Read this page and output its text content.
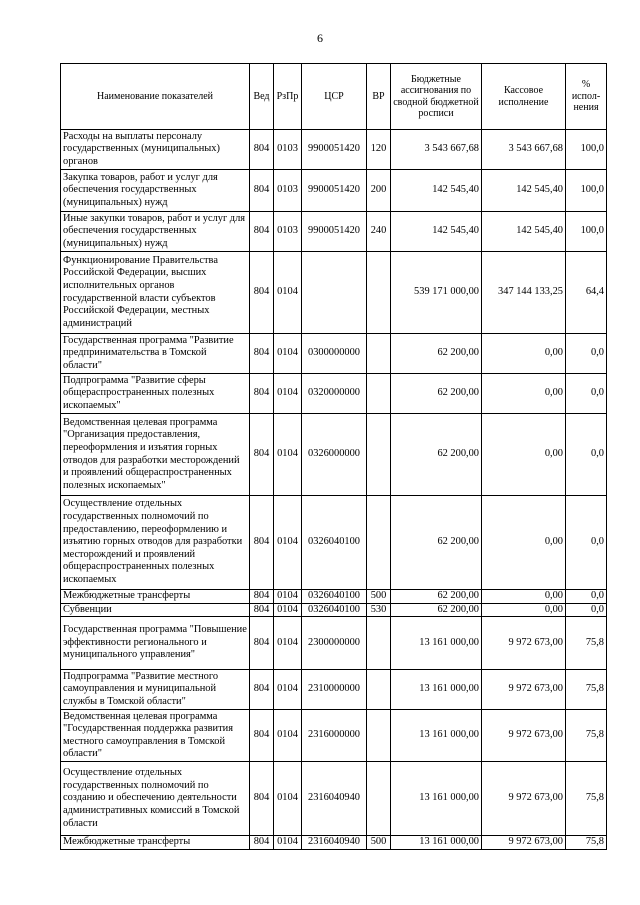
6
Наименование показателей	Вед	РзПр	ЦСР	ВР	Бюджетные ассигнования по сводной бюджетной росписи	Кассовое исполнение	% испол-нения
Расходы на выплаты персоналу государственных (муниципальных) органов	804	0103	9900051420	120	3 543 667,68	3 543 667,68	100,0
Закупка товаров, работ и услуг для обеспечения государственных (муниципальных) нужд	804	0103	9900051420	200	142 545,40	142 545,40	100,0
Иные закупки товаров, работ и услуг для обеспечения государственных (муниципальных) нужд	804	0103	9900051420	240	142 545,40	142 545,40	100,0
Функционирование Правительства Российской Федерации, высших исполнительных органов государственной власти субъектов Российской Федерации, местных администраций	804	0104			539 171 000,00	347 144 133,25	64,4
Государственная программа "Развитие предпринимательства в Томской области"	804	0104	0300000000		62 200,00	0,00	0,0
Подпрограмма "Развитие сферы общераспространенных полезных ископаемых"	804	0104	0320000000		62 200,00	0,00	0,0
Ведомственная целевая программа "Организация предоставления, переоформления и изъятия горных отводов для разработки месторождений и проявлений общераспространенных полезных ископаемых"	804	0104	0326000000		62 200,00	0,00	0,0
Осуществление отдельных государственных полномочий по предоставлению, переоформлению и изъятию горных отводов для разработки месторождений и проявлений общераспространенных полезных ископаемых	804	0104	0326040100		62 200,00	0,00	0,0
Межбюджетные трансферты	804	0104	0326040100	500	62 200,00	0,00	0,0
Субвенции	804	0104	0326040100	530	62 200,00	0,00	0,0
Государственная программа "Повышение эффективности регионального и муниципального управления"	804	0104	2300000000		13 161 000,00	9 972 673,00	75,8
Подпрограмма "Развитие местного самоуправления и муниципальной службы в Томской области"	804	0104	2310000000		13 161 000,00	9 972 673,00	75,8
Ведомственная целевая программа "Государственная поддержка развития местного самоуправления в Томской области"	804	0104	2316000000		13 161 000,00	9 972 673,00	75,8
Осуществление отдельных государственных полномочий по созданию и обеспечению деятельности административных комиссий в Томской области	804	0104	2316040940		13 161 000,00	9 972 673,00	75,8
Межбюджетные трансферты	804	0104	2316040940	500	13 161 000,00	9 972 673,00	75,8
